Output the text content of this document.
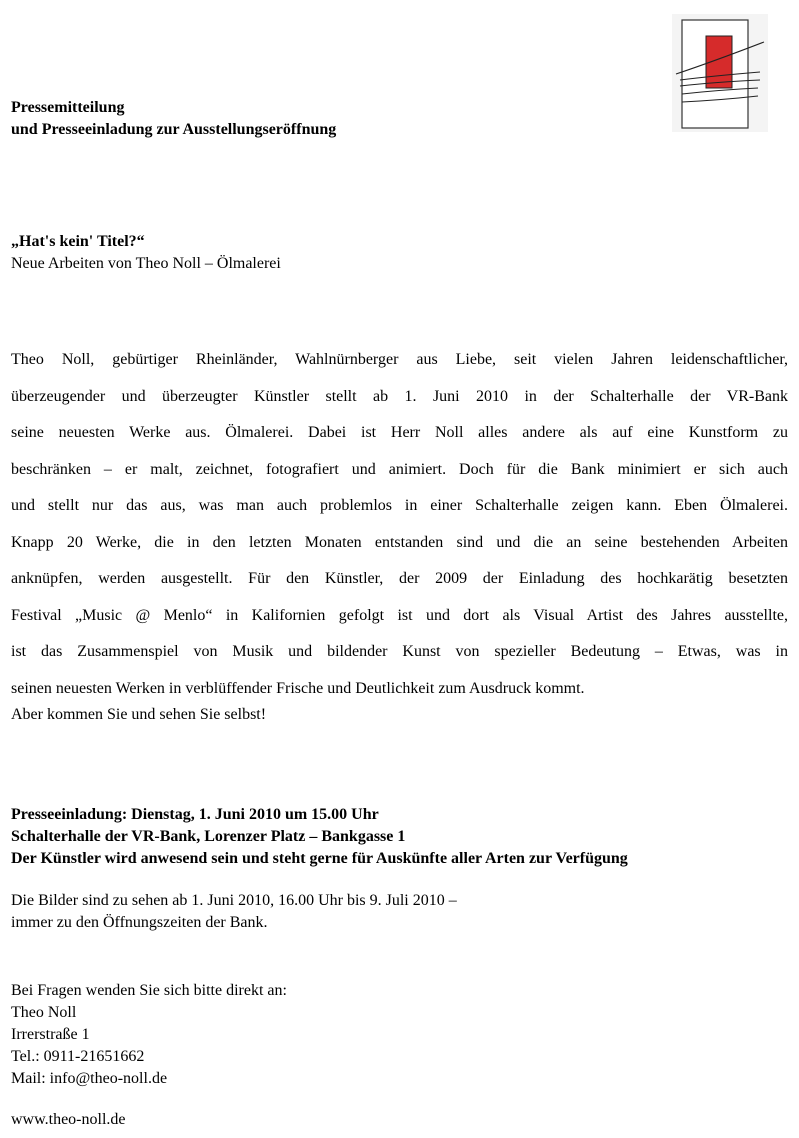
Pressemitteilung
und Presseeinladung zur Ausstellungseröffnung
„Hat's kein' Titel?“
Neue Arbeiten von Theo Noll – Ölmalerei
Theo Noll, gebürtiger Rheinländer, Wahlnürnberger aus Liebe, seit vielen Jahren leidenschaftlicher,
überzeugender und überzeugter Künstler stellt ab 1. Juni 2010 in der Schalterhalle der VR-Bank
seine neuesten Werke aus. Ölmalerei. Dabei ist Herr Noll alles andere als auf eine Kunstform zu
beschränken – er malt, zeichnet, fotografiert und animiert. Doch für die Bank minimiert er sich auch
und stellt nur das aus, was man auch problemlos in einer Schalterhalle zeigen kann. Eben Ölmalerei.
Knapp 20 Werke, die in den letzten Monaten entstanden sind und die an seine bestehenden Arbeiten
anknüpfen, werden ausgestellt. Für den Künstler, der 2009 der Einladung des hochkarätig besetzten
Festival „Music @ Menlo“ in Kalifornien gefolgt ist und dort als Visual Artist des Jahres ausstellte,
ist das Zusammenspiel von Musik und bildender Kunst von spezieller Bedeutung – Etwas, was in
seinen neuesten Werken in verblüffender Frische und Deutlichkeit zum Ausdruck kommt.
Aber kommen Sie und sehen Sie selbst!
Presseeinladung: Dienstag, 1. Juni 2010 um 15.00 Uhr
Schalterhalle der VR-Bank, Lorenzer Platz – Bankgasse 1
Der Künstler wird anwesend sein und steht gerne für Auskünfte aller Arten zur Verfügung
Die Bilder sind zu sehen ab 1. Juni 2010, 16.00 Uhr bis 9. Juli 2010 –
immer zu den Öffnungszeiten der Bank.
Bei Fragen wenden Sie sich bitte direkt an:
Theo Noll
Irrerstraße 1
Tel.: 0911-21651662
Mail: info@theo-noll.de
www.theo-noll.de
